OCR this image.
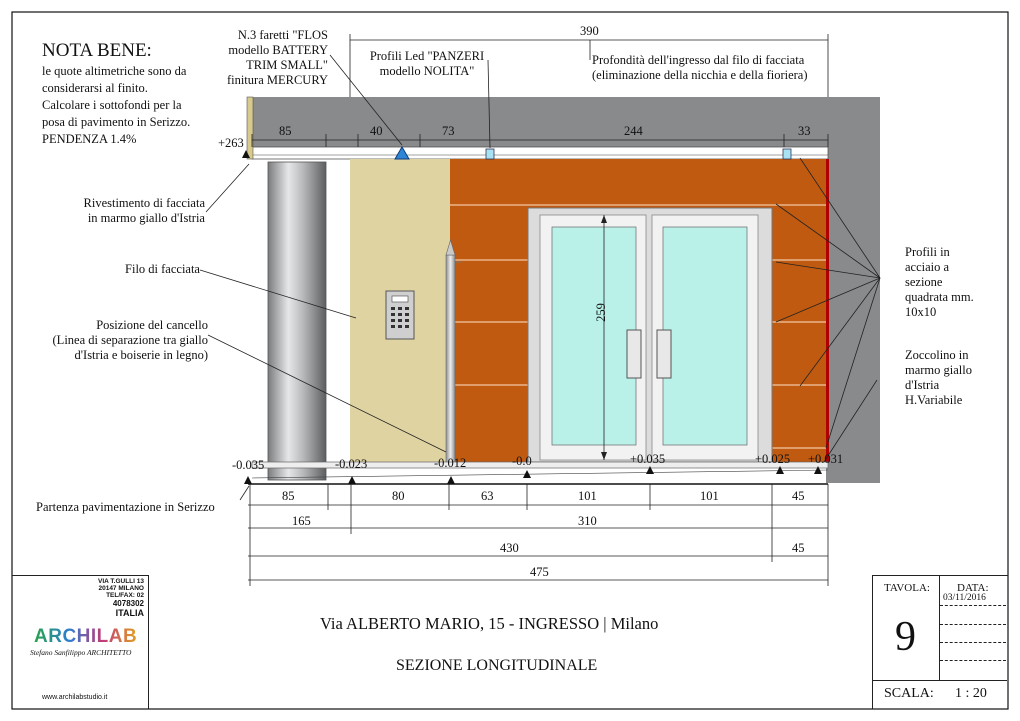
NOTA BENE:
le quote altimetriche sono da
considerarsi al finito.
Calcolare i sottofondi per la
posa di pavimento in Serizzo.
PENDENZA 1.4%
N.3 faretti "FLOS
modello BATTERY
TRIM SMALL"
finitura MERCURY
Profili Led "PANZERI
modello NOLITA"
Profondità dell'ingresso dal filo di facciata
(eliminazione della nicchia e della fioriera)
Rivestimento di facciata
in marmo giallo d'Istria
Filo di facciata
Posizione del cancello
(Linea di separazione tra giallo
d'Istria e boiserie in legno)
Profili in
acciaio a
sezione
quadrata mm.
10x10
Zoccolino in
marmo giallo
d'Istria
H.Variabile
Partenza pavimentazione in Serizzo
390
85	40	73	244	33
+263
259
-0.035	-0.023	-0.012	-0.0	+0.035	+0.025 +0.031
85	80	63	101	101	45
165	310
430	45
475
VIA T.GULLI 13
20147 MILANO
TEL/FAX: 02
4078302
ITALIA
ARCHILAB
Stefano Sanfilippo ARCHITETTO
www.archilabstudio.it
Via ALBERTO MARIO, 15 - INGRESSO | Milano
SEZIONE LONGITUDINALE
TAVOLA:
9
DATA:
03/11/2016
SCALA: 1 : 20
